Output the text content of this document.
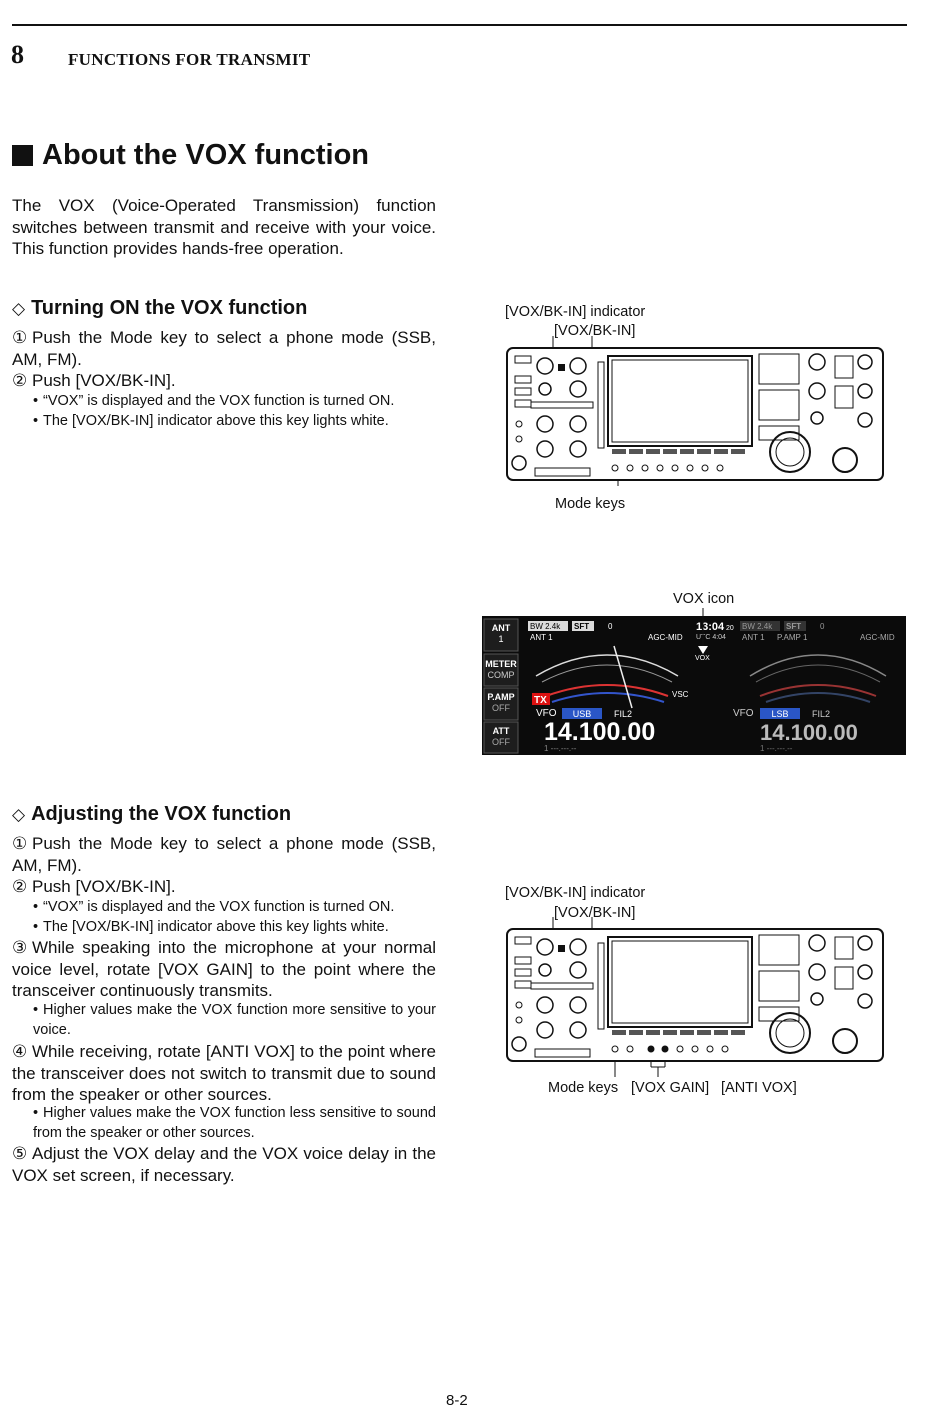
8	FUNCTIONS FOR TRANSMIT
About the VOX function
The VOX (Voice-Operated Transmission) function switches between transmit and receive with your voice. This function provides hands-free operation.
◇ Turning ON the VOX function
① Push the Mode key to select a phone mode (SSB, AM, FM).
② Push [VOX/BK-IN].
• “VOX” is displayed and the VOX function is turned ON.
• The [VOX/BK-IN] indicator above this key lights white.
[VOX/BK-IN] indicator
[VOX/BK-IN]
Mode keys
VOX icon
ANT
1
METER
COMP
P.AMP
OFF
ATT
OFF
BW 2.4k SFT 0
ANT 1	AGC-MID
TX
VSC
VOX
VFO USB	FIL2
14.100.00
1 ---.---.--
13:04 20
UTC 4:04
BW 2.4k SFT 0
ANT 1 P.AMP 1	AGC-MID
VFO LSB	FIL2
14.100.00
1 ---.---.--
◇ Adjusting the VOX function
① Push the Mode key to select a phone mode (SSB, AM, FM).
② Push [VOX/BK-IN].
• “VOX” is displayed and the VOX function is turned ON.
• The [VOX/BK-IN] indicator above this key lights white.
③ While speaking into the microphone at your normal voice level, rotate [VOX GAIN] to the point where the transceiver continuously transmits.
• Higher values make the VOX function more sensitive to your voice.
④ While receiving, rotate [ANTI VOX] to the point where the transceiver does not switch to transmit due to sound from the speaker or other sources.
• Higher values make the VOX function less sensitive to sound from the speaker or other sources.
⑤ Adjust the VOX delay and the VOX voice delay in the VOX set screen, if necessary.
[VOX/BK-IN] indicator
[VOX/BK-IN]
Mode keys [VOX GAIN] [ANTI VOX]
8-2
